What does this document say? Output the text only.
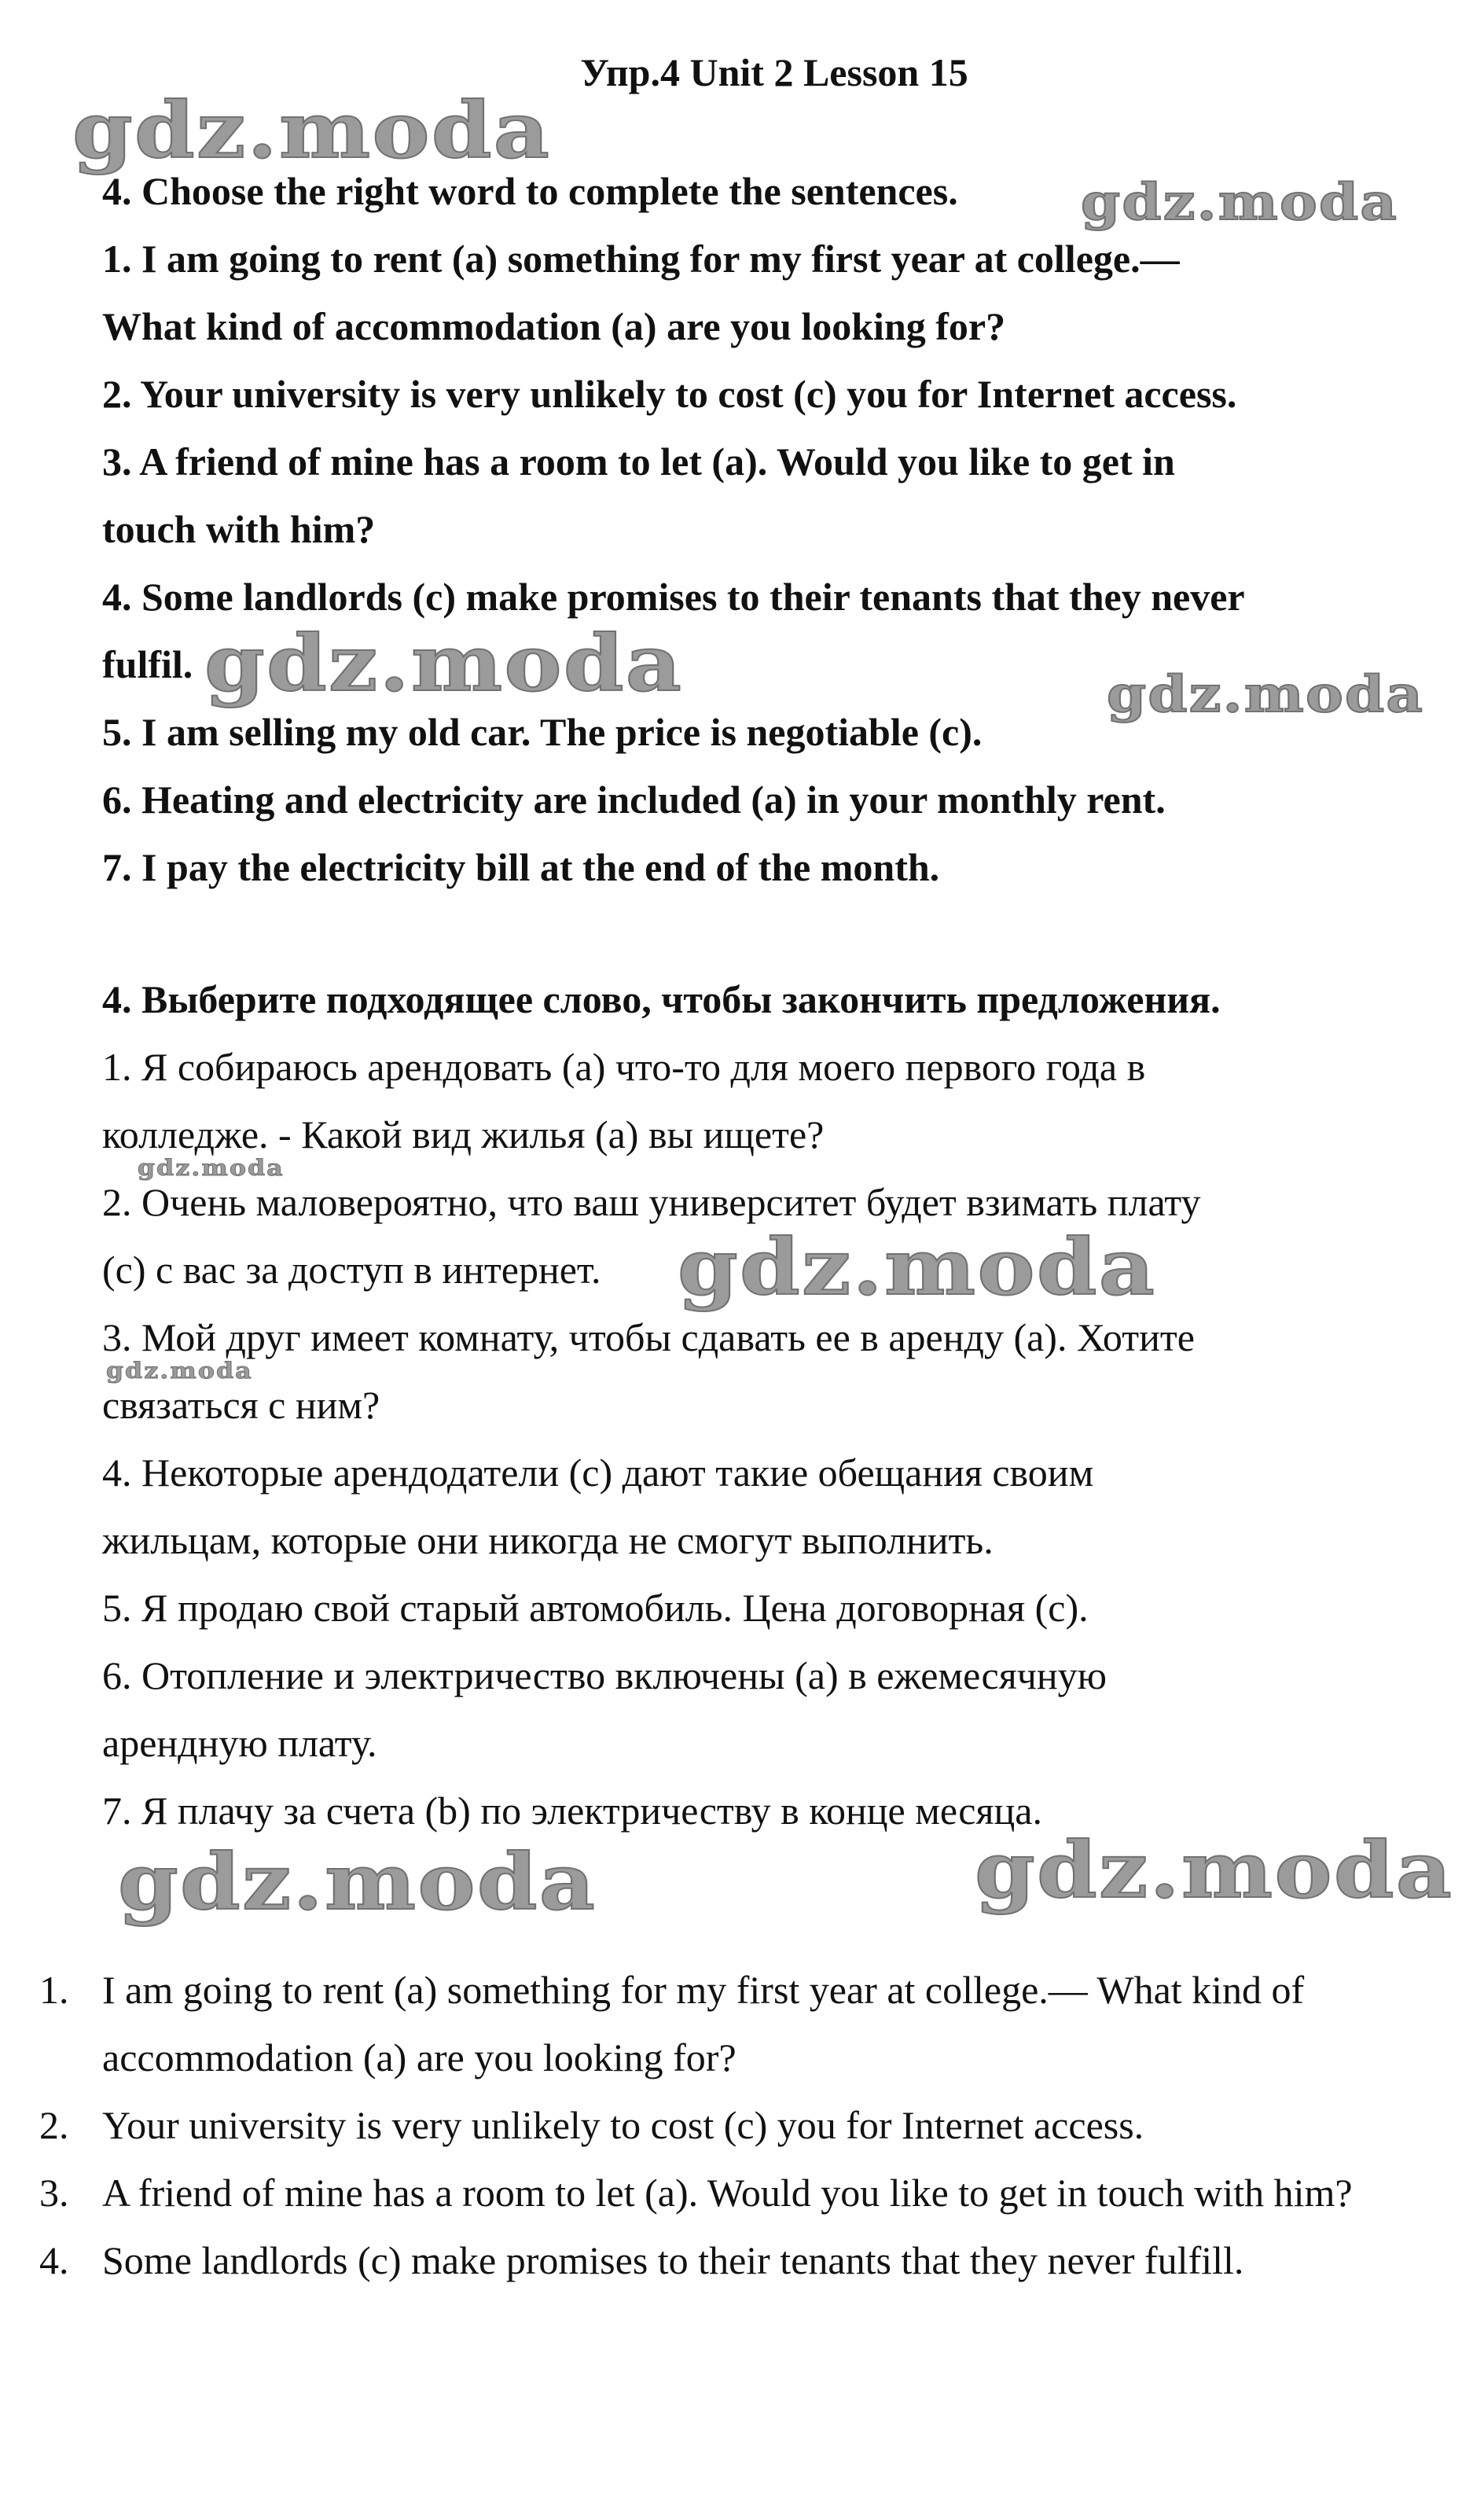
Упр.4 Unit 2 Lesson 15

4. Choose the right word to complete the sentences.

1. I am going to rent (a) something for my first year at college.—

What kind of accommodation (a) are you looking for?

2. Your university is very unlikely to cost (c) you for Internet access.

3. A friend of mine has a room to let (a). Would you like to get in

touch with him?

4. Some landlords (c) make promises to their tenants that they never

fulfil.

5. I am selling my old car. The price is negotiable (c).

6. Heating and electricity are included (a) in your monthly rent.

7. I pay the electricity bill at the end of the month.

4. Выберите подходящее слово, чтобы закончить предложения.

1. Я собираюсь арендовать (а) что-то для моего первого года в

колледже. - Какой вид жилья (а) вы ищете?

2. Очень маловероятно, что ваш университет будет взимать плату

(с) с вас за доступ в интернет.

3. Мой друг имеет комнату, чтобы сдавать ее в аренду (а). Хотите

связаться с ним?

4. Некоторые арендодатели (с) дают такие обещания своим

жильцам, которые они никогда не смогут выполнить.

5. Я продаю свой старый автомобиль. Цена договорная (с).

6. Отопление и электричество включены (а) в ежемесячную

арендную плату.

7. Я плачу за счета (b) по электричеству в конце месяца.

1. I am going to rent (a) something for my first year at college.— What kind of accommodation (a) are you looking for?
2. Your university is very unlikely to cost (c) you for Internet access.
3. A friend of mine has a room to let (a). Would you like to get in touch with him?
4. Some landlords (c) make promises to their tenants that they never fulfill.
gdz.moda
gdz.moda
gdz.moda	gdz.moda
gdz.moda
gdz.moda
gdz.moda
gdz.moda	gdz.moda
